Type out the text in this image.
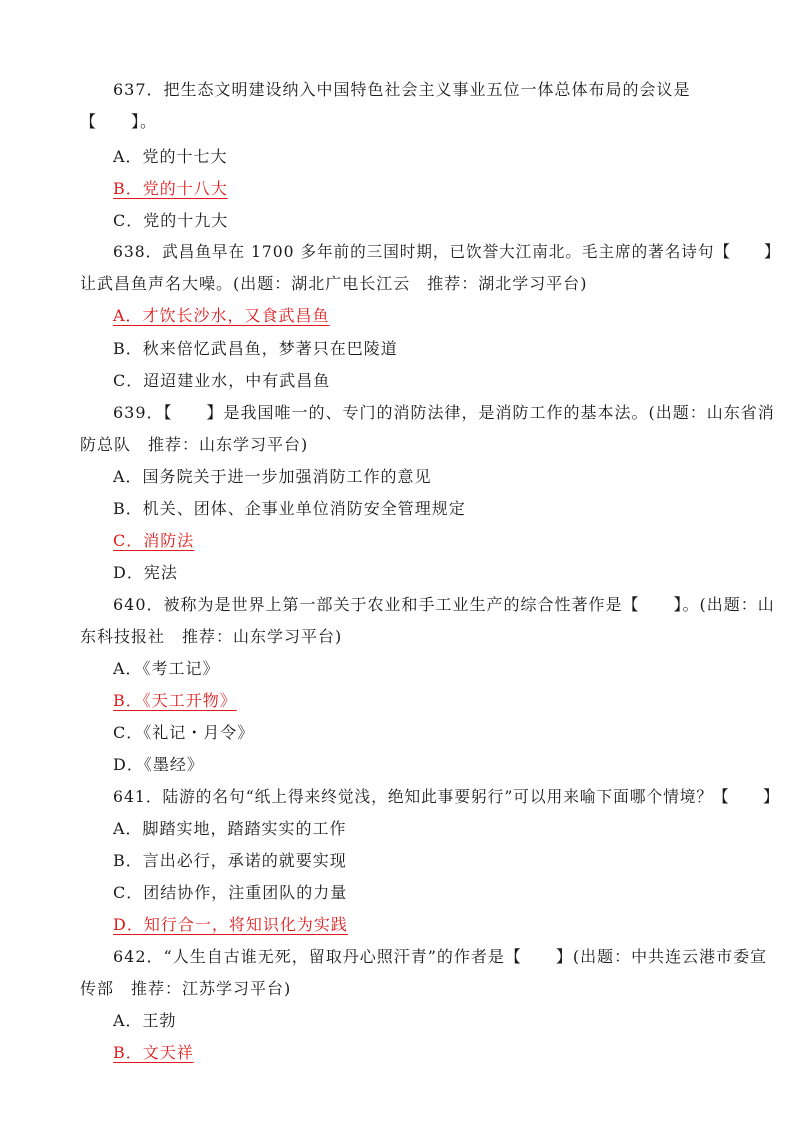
637．把生态文明建设纳入中国特色社会主义事业五位一体总体布局的会议是
【　　】。
A．党的十七大
B．党的十八大
C．党的十九大
638．武昌鱼早在 1700 多年前的三国时期，已饮誉大江南北。毛主席的著名诗句【　　】
让武昌鱼声名大噪。(出题：湖北广电长江云　推荐：湖北学习平台)
A．才饮长沙水，又食武昌鱼
B．秋来倍忆武昌鱼，梦著只在巴陵道
C．迢迢建业水，中有武昌鱼
639．【　　】是我国唯一的、专门的消防法律，是消防工作的基本法。(出题：山东省消
防总队　推荐：山东学习平台)
A．国务院关于进一步加强消防工作的意见
B．机关、团体、企事业单位消防安全管理规定
C．消防法
D．宪法
640．被称为是世界上第一部关于农业和手工业生产的综合性著作是【　　】。(出题：山
东科技报社　推荐：山东学习平台)
A．《考工记》
B．《天工开物》
C．《礼记・月令》
D．《墨经》
641．陆游的名句“纸上得来终觉浅，绝知此事要躬行”可以用来喻下面哪个情境？【　　】
A．脚踏实地，踏踏实实的工作
B．言出必行，承诺的就要实现
C．团结协作，注重团队的力量
D．知行合一，将知识化为实践
642．“人生自古谁无死，留取丹心照汗青”的作者是【　　】(出题：中共连云港市委宣
传部　推荐：江苏学习平台)
A．王勃
B．文天祥
